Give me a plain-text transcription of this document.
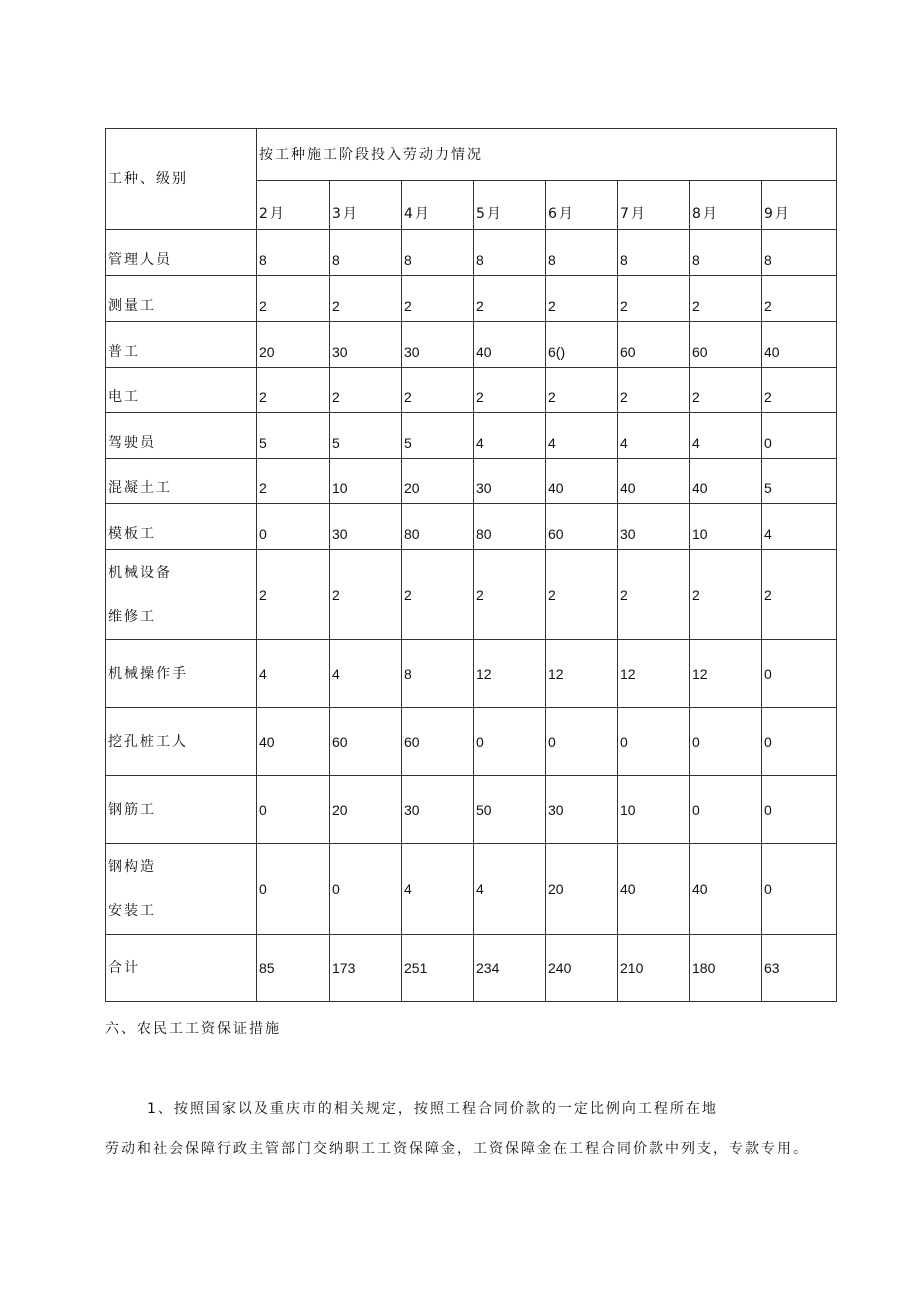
工种、级别	按工种施工阶段投入劳动力情况							
	2月	3月	4月	5月	6月	7月	8月	9月
管理人员	8	8	8	8	8	8	8	8
测量工	2	2	2	2	2	2	2	2
普工	20	30	30	40	6()	60	60	40
电工	2	2	2	2	2	2	2	2
驾驶员	5	5	5	4	4	4	4	0
混凝土工	2	10	20	30	40	40	40	5
模板工	0	30	80	80	60	30	10	4

机械设备
维修工	2	2	2	2	2	2	2	2
机械操作手	4	4	8	12	12	12	12	0
挖孔桩工人	40	60	60	0	0	0	0	0
钢筋工	0	20	30	50	30	10	0	0

钢构造
安装工	0	0	4	4	20	40	40	0
合计	85	173	251	234	240	210	180	63

六、农民工工资保证措施

1、按照国家以及重庆市的相关规定，按照工程合同价款的一定比例向工程所在地

劳动和社会保障行政主管部门交纳职工工资保障金，工资保障金在工程合同价款中列支，专款专用。
